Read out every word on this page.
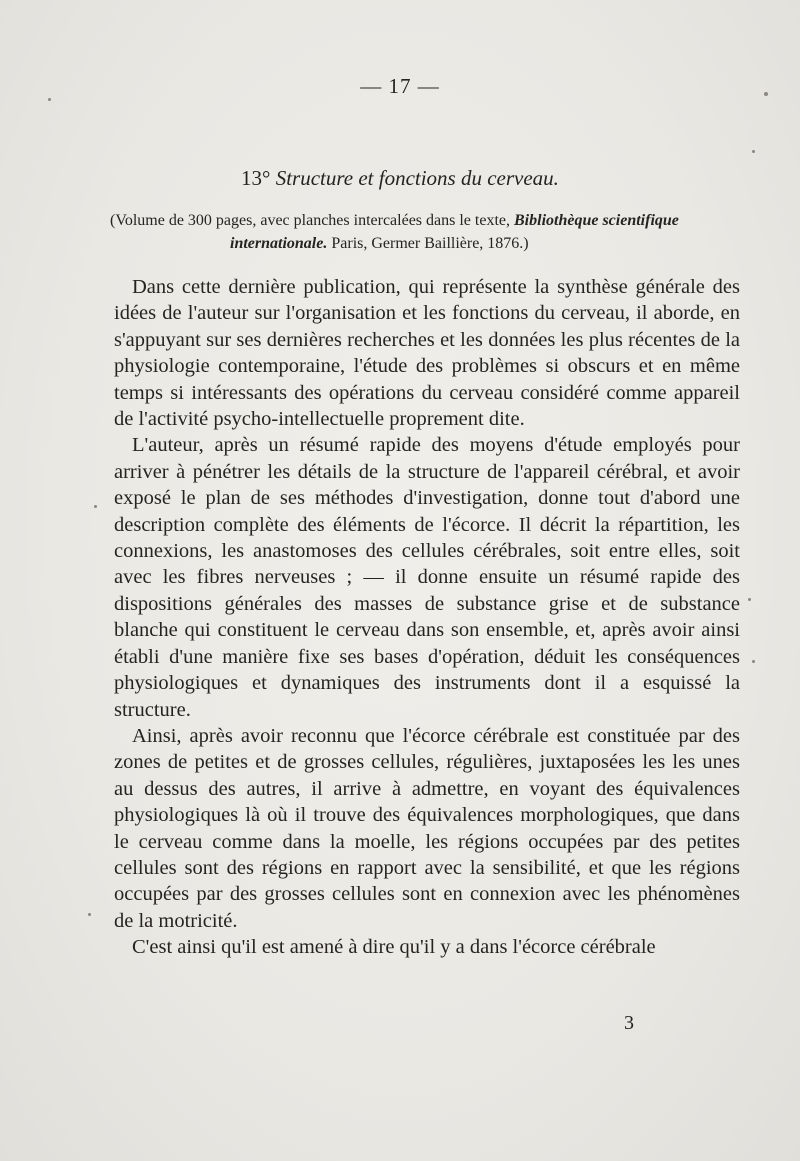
— 17 —
13° Structure et fonctions du cerveau.
(Volume de 300 pages, avec planches intercalées dans le texte, Bibliothèque scientifique
internationale. Paris, Germer Baillière, 1876.)

Dans cette dernière publication, qui représente la synthèse générale des idées de l'auteur sur l'organisation et les fonctions du cerveau, il aborde, en s'appuyant sur ses dernières recherches et les données les plus récentes de la physiologie contemporaine, l'étude des problèmes si obscurs et en même temps si intéressants des opérations du cerveau considéré comme appareil de l'activité psycho-intellectuelle proprement dite.

L'auteur, après un résumé rapide des moyens d'étude employés pour arriver à pénétrer les détails de la structure de l'appareil cérébral, et avoir exposé le plan de ses méthodes d'investigation, donne tout d'abord une description complète des éléments de l'écorce. Il décrit la répartition, les connexions, les anastomoses des cellules cérébrales, soit entre elles, soit avec les fibres nerveuses ; — il donne ensuite un résumé rapide des dispositions générales des masses de substance grise et de substance blanche qui constituent le cerveau dans son ensemble, et, après avoir ainsi établi d'une manière fixe ses bases d'opération, déduit les conséquences physiologiques et dynamiques des instruments dont il a esquissé la structure.

Ainsi, après avoir reconnu que l'écorce cérébrale est constituée par des zones de petites et de grosses cellules, régulières, juxtaposées les les unes au dessus des autres, il arrive à admettre, en voyant des équivalences physiologiques là où il trouve des équivalences morphologiques, que dans le cerveau comme dans la moelle, les régions occupées par des petites cellules sont des régions en rapport avec la sensibilité, et que les régions occupées par des grosses cellules sont en connexion avec les phénomènes de la motricité.

C'est ainsi qu'il est amené à dire qu'il y a dans l'écorce cérébrale

3
